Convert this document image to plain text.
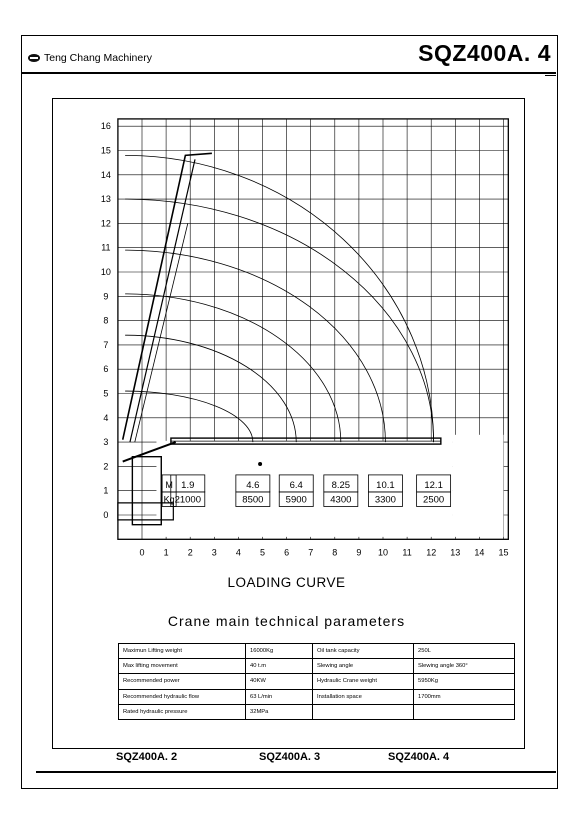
Teng Chang Machinery	SQZ400A. 4
0 1 2 3 4 5 6 7 8 9 10 11 12 13 14 15
0
1
2
3
4
5
6
7
8
9
10
11
12
13
14
15
16
M
Kg
1.9
21000
4.6
8500
6.4
5900
8.25
4300
10.1
3300
12.1
2500
LOADING CURVE
Crane main technical parameters
Maximun Lifting weight	16000Kg	Oil tank capacity	250L
Max lifting movement	40 t.m	Slewing angle	Slewing angle 360°
Recommended power	40KW	Hydraulic Crane weight	5950Kg
Recommended hydraulic flow	63 L/min	Installation space	1700mm
Rated hydraulic pressure	32MPa		
SQZ400A. 2	SQZ400A. 3	SQZ400A. 4
